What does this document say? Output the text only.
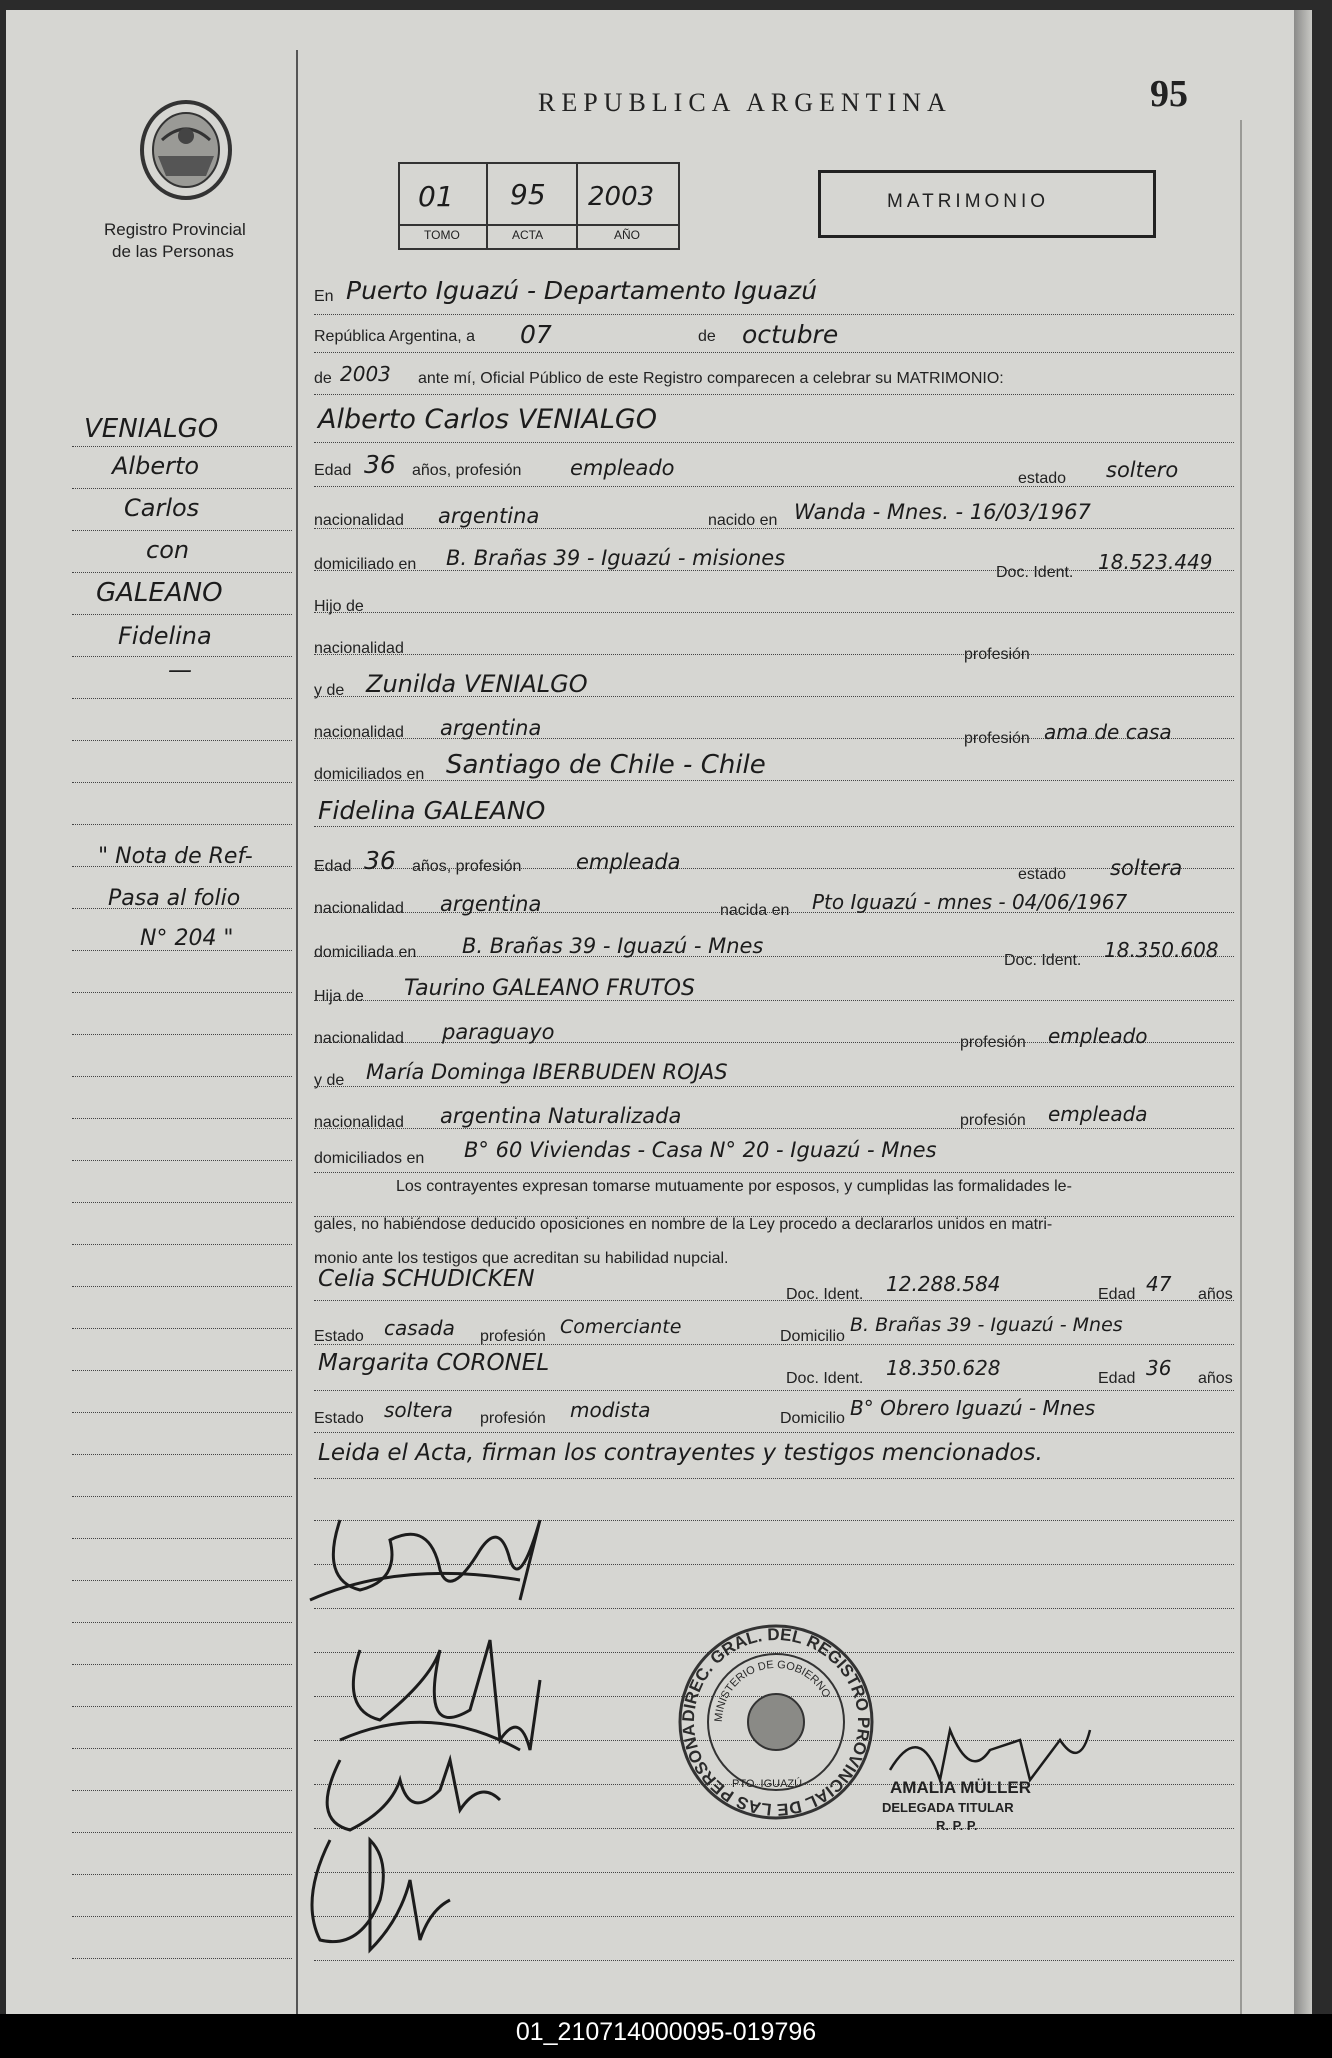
REPUBLICA ARGENTINA	95
Registro Provincial
de las Personas
01 95 2003
TOMO	ACTA	AÑO
MATRIMONIO
En Puerto Iguazú - Departamento Iguazú
República Argentina, a 07	de octubre
de 2003 ante mí, Oficial Público de este Registro comparecen a celebrar su MATRIMONIO:
Alberto Carlos VENIALGO
Edad 36 años, profesión empleado	estado soltero
nacionalidad argentina	nacido en Wanda - Mnes. - 16/03/1967
domiciliado en B. Brañas 39 - Iguazú - misiones
Doc. Ident. 18.523.449
Hijo de
nacionalidad	profesión
y de Zunilda VENIALGO
nacionalidad argentina	profesión ama de casa
domiciliados en Santiago de Chile - Chile
Fidelina GALEANO
Edad 36 años, profesión	empleada
estado soltera
nacionalidad argentina	nacida en Pto Iguazú - mnes - 04/06/1967
domiciliada en B. Brañas 39 - Iguazú - Mnes
Doc. Ident. 18.350.608
Hija de Taurino GALEANO FRUTOS
nacionalidad paraguayo	profesión empleado
y de María Dominga IBERBUDEN ROJAS
nacionalidad argentina Naturalizada	profesión empleada
domiciliados en B° 60 Viviendas - Casa N° 20 - Iguazú - Mnes
Los contrayentes expresan tomarse mutuamente por esposos, y cumplidas las formalidades le-
gales, no habiéndose deducido oposiciones en nombre de la Ley procedo a declararlos unidos en matri-
monio ante los testigos que acreditan su habilidad nupcial.
Celia SCHUDICKEN
Doc. Ident. 12.288.584	Edad 47 años
Estado casada profesión Comerciante	Domicilio
B. Brañas 39 - Iguazú - Mnes
Margarita CORONEL
Doc. Ident. 18.350.628	Edad 36 años
Estado soltera profesión modista	Domicilio B° Obrero Iguazú - Mnes
Leida el Acta, firman los contrayentes y testigos mencionados.
VENIALGO
Alberto
Carlos
con
GALEANO
Fidelina
—
" Nota de Ref-
Pasa al folio
N° 204 "
DIREC. GRAL. DEL REGISTRO PROVINCIAL DE LAS PERSONA
MINISTERIO DE GOBIERNO
PTO. IGUAZÚ	AMALIA MÜLLER
DELEGADA TITULAR
R. P. P.
01_210714000095-019796
